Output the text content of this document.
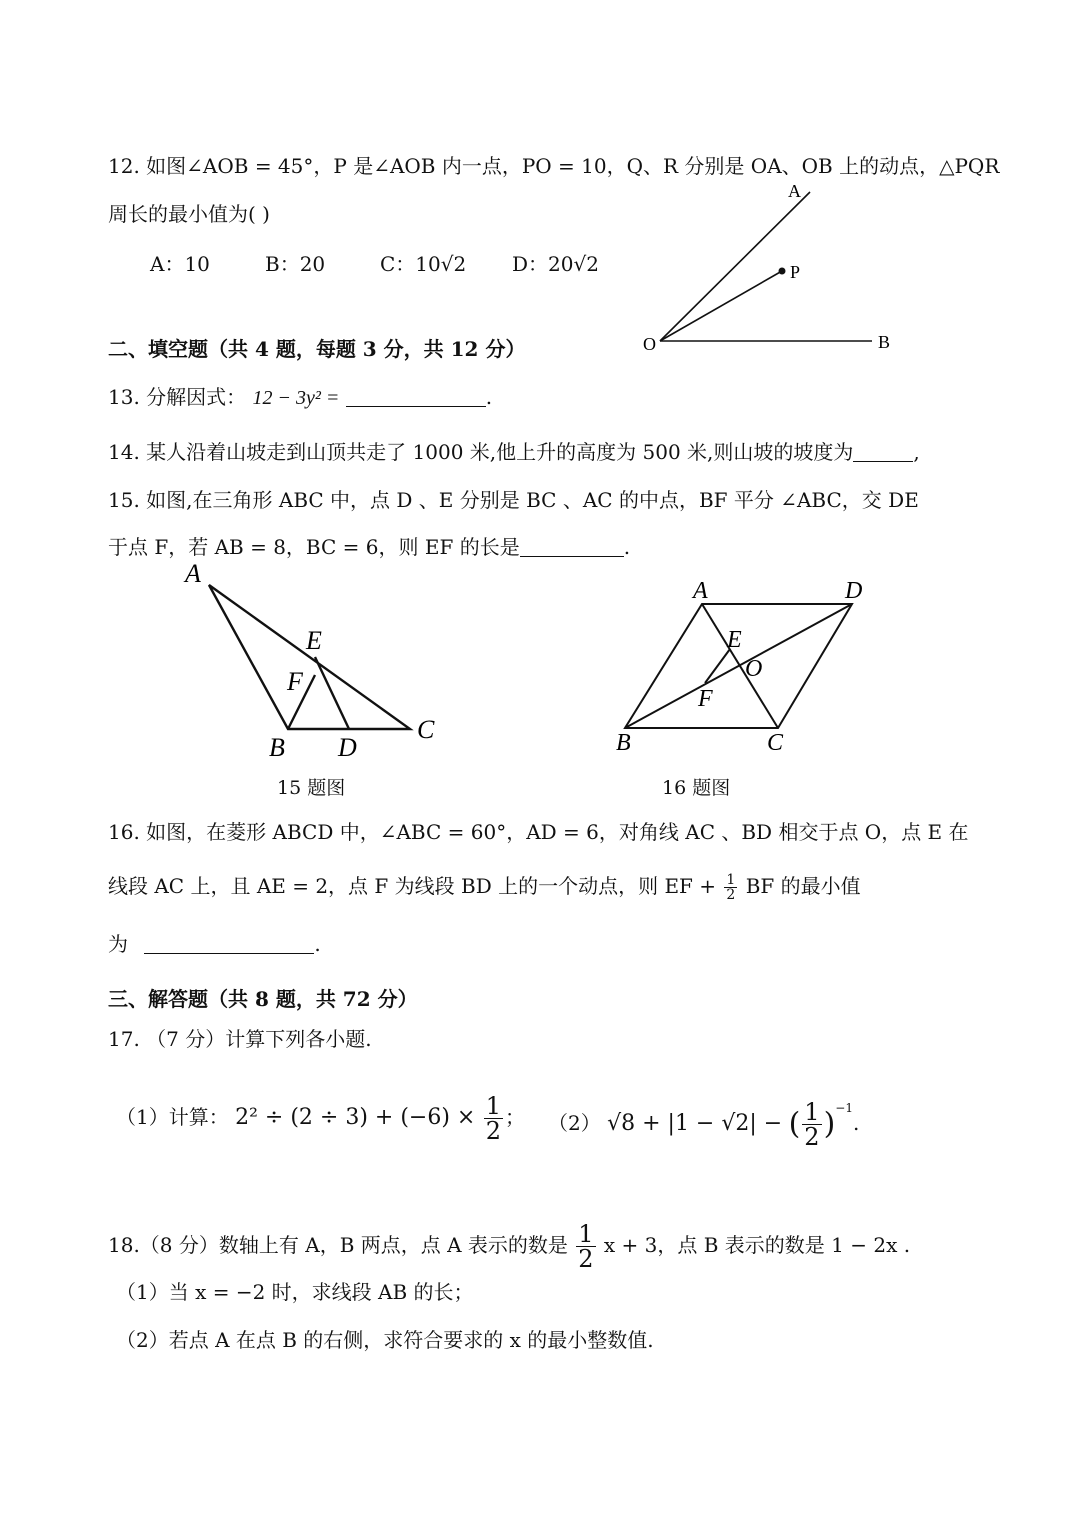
12. 如图∠AOB = 45°，P 是∠AOB 内一点，PO = 10，Q、R 分别是 OA、OB 上的动点，△PQR
周长的最小值为( )
A：10	B：20	C：10√2 D：20√2
A
P
O	B
二、填空题（共 4 题，每题 3 分，共 12 分）
13. 分解因式： 12 − 3y² =	.
14. 某人沿着山坡走到山顶共走了 1000 米,他上升的高度为 500 米,则山坡的坡度为	,
15. 如图,在三角形 ABC 中，点 D 、E 分别是 BC 、AC 的中点，BF 平分 ∠ABC，交 DE
于点 F，若 AB = 8，BC = 6，则 EF 的长是	.
A
E
F
B D
C
15 题图
A	D
E
O
F
B	C
16 题图
16. 如图，在菱形 ABCD 中，∠ABC = 60°，AD = 6，对角线 AC 、BD 相交于点 O，点 E 在
线段 AC 上，且 AE = 2，点 F 为线段 BD 上的一个动点，则 EF + $\frac{1}{2}$ BF 的最小值
为	.
三、解答题（共 8 题，共 72 分）
17. （7 分）计算下列各小题.
（1）计算： $2^2 \div (2 \div 3) + (-6) \times \frac{1}{2}$ ； （2） √8 + |1 − √2| − ( $\frac{1}{2} )^{-1}$.
18.（8 分）数轴上有 A，B 两点，点 A 表示的数是 $\frac{1}{2}$ x + 3，点 B 表示的数是 1 − 2x .
（1）当 x = −2 时，求线段 AB 的长；
（2）若点 A 在点 B 的右侧，求符合要求的 x 的最小整数值.
